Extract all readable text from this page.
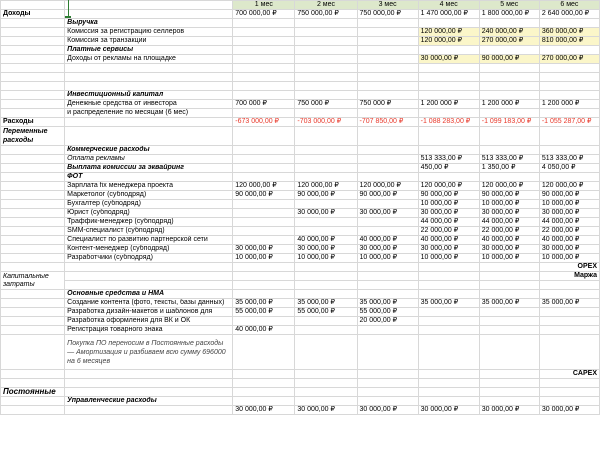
		1 мес	2 мес	3 мес	4 мес	5 мес	6 мес
Доходы		700 000,00 ₽	750 000,00 ₽	750 000,00 ₽	1 470 000,00 ₽	1 800 000,00 ₽	2 640 000,00 ₽
	Выручка						
	Комиссия за регистрацию селлеров				120 000,00 ₽	240 000,00 ₽	360 000,00 ₽
	Комиссия за транзакции				120 000,00 ₽	270 000,00 ₽	810 000,00 ₽
	Платные сервисы						
	Доходы от рекламы на площадке				30 000,00 ₽	90 000,00 ₽	270 000,00 ₽

	Инвестиционный капитал						
	Денежные средства от инвестора	700 000 ₽	750 000 ₽	750 000 ₽	1 200 000 ₽	1 200 000 ₽	1 200 000 ₽
	и распределение по месяцам (6 мес)						
Расходы		-673 000,00 ₽	-703 000,00 ₽	-707 850,00 ₽	-1 088 283,00 ₽	-1 099 183,00 ₽	-1 055 287,00 ₽
Переменные расходы							
	Коммерческие расходы						
	Оплата рекламы				513 333,00 ₽	513 333,00 ₽	513 333,00 ₽
	Выплата комиссии за эквайринг				450,00 ₽	1 350,00 ₽	4 050,00 ₽
	ФОТ						
	Зарплата fix менеджера проекта	120 000,00 ₽	120 000,00 ₽	120 000,00 ₽	120 000,00 ₽	120 000,00 ₽	120 000,00 ₽
	Маркетолог (субподряд)	90 000,00 ₽	90 000,00 ₽	90 000,00 ₽	90 000,00 ₽	90 000,00 ₽	90 000,00 ₽
	Бухгалтер (субподряд)				10 000,00 ₽	10 000,00 ₽	10 000,00 ₽
	Юрист (субподряд)		30 000,00 ₽	30 000,00 ₽	30 000,00 ₽	30 000,00 ₽	30 000,00 ₽
	Траффик-менеджер (субподряд)				44 000,00 ₽	44 000,00 ₽	44 000,00 ₽
	SMM-специалист (субподряд)				22 000,00 ₽	22 000,00 ₽	22 000,00 ₽
	Специалист по развитию партнерской сети		40 000,00 ₽	40 000,00 ₽	40 000,00 ₽	40 000,00 ₽	40 000,00 ₽
	Контент-менеджер (субподряд)	30 000,00 ₽	30 000,00 ₽	30 000,00 ₽	30 000,00 ₽	30 000,00 ₽	30 000,00 ₽
	Разработчики (субподряд)	10 000,00 ₽	10 000,00 ₽	10 000,00 ₽	10 000,00 ₽	10 000,00 ₽	10 000,00 ₽
							OPEX
Капитальные затраты							Маржа

	Основные средства и НМА						
	Создание контента (фото, тексты, базы данных)	35 000,00 ₽	35 000,00 ₽	35 000,00 ₽	35 000,00 ₽	35 000,00 ₽	35 000,00 ₽
	Разработка дизайн-макетов и шаблонов для	55 000,00 ₽	55 000,00 ₽	55 000,00 ₽			
	Разработка оформления для ВК и ОК			20 000,00 ₽			
	Регистрация товарного знака	40 000,00 ₽					
	Покупка ПО переносим в Постоянные расходы — Амортизация и разбиваем всю сумму 696000 на 6 месяцев						
							CAPEX

Постоянные							
	Управленческие расходы						
		30 000,00 ₽	30 000,00 ₽	30 000,00 ₽	30 000,00 ₽	30 000,00 ₽	30 000,00 ₽
